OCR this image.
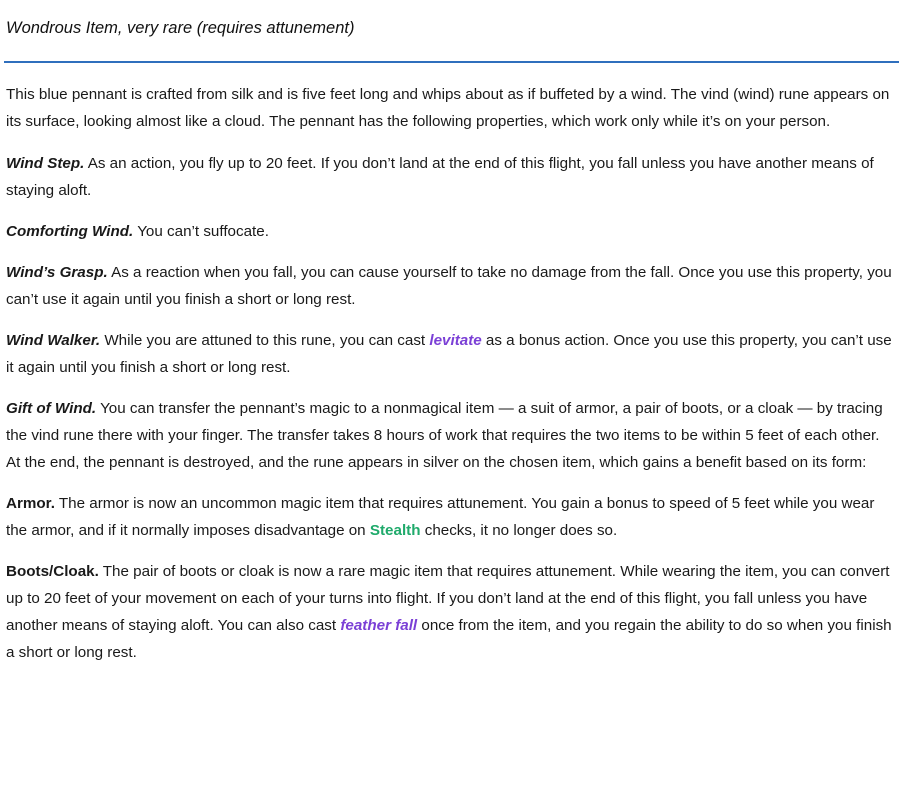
Wondrous Item, very rare (requires attunement)

This blue pennant is crafted from silk and is five feet long and whips about as if buffeted by a wind. The vind (wind) rune appears on its surface, looking almost like a cloud. The pennant has the following properties, which work only while it’s on your person.

Wind Step. As an action, you fly up to 20 feet. If you don’t land at the end of this flight, you fall unless you have another means of staying aloft.

Comforting Wind. You can’t suffocate.

Wind’s Grasp. As a reaction when you fall, you can cause yourself to take no damage from the fall. Once you use this property, you can’t use it again until you finish a short or long rest.

Wind Walker. While you are attuned to this rune, you can cast levitate as a bonus action. Once you use this property, you can’t use it again until you finish a short or long rest.

Gift of Wind. You can transfer the pennant’s magic to a nonmagical item — a suit of armor, a pair of boots, or a cloak — by tracing the vind rune there with your finger. The transfer takes 8 hours of work that requires the two items to be within 5 feet of each other. At the end, the pennant is destroyed, and the rune appears in silver on the chosen item, which gains a benefit based on its form:

Armor. The armor is now an uncommon magic item that requires attunement. You gain a bonus to speed of 5 feet while you wear the armor, and if it normally imposes disadvantage on Stealth checks, it no longer does so.

Boots/Cloak. The pair of boots or cloak is now a rare magic item that requires attunement. While wearing the item, you can convert up to 20 feet of your movement on each of your turns into flight. If you don’t land at the end of this flight, you fall unless you have another means of staying aloft. You can also cast feather fall once from the item, and you regain the ability to do so when you finish a short or long rest.
